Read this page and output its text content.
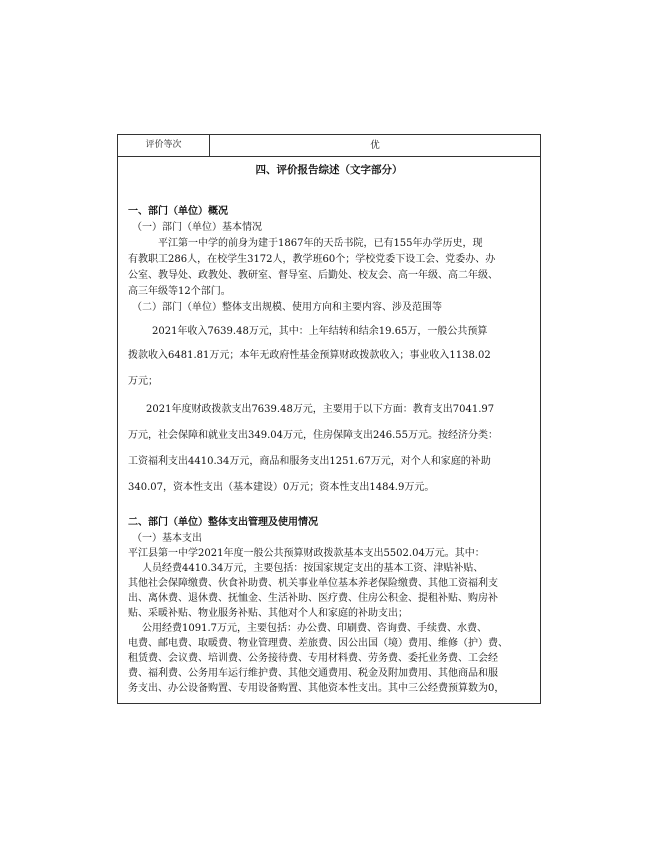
评价等次	优
四、评价报告综述（文字部分）
一、部门（单位）概况
（一）部门（单位）基本情况
平江第一中学的前身为建于1867年的天岳书院，已有155年办学历史，现
有教职工286人，在校学生3172人，教学班60个；学校党委下设工会、党委办、办
公室、教导处、政教处、教研室、督导室、后勤处、校友会、高一年级、高二年级、
高三年级等12个部门。
（二）部门（单位）整体支出规模、使用方向和主要内容、涉及范围等
2021年收入7639.48万元，其中：上年结转和结余19.65万，一般公共预算
拨款收入6481.81万元；本年无政府性基金预算财政拨款收入；事业收入1138.02
万元；
2021年度财政拨款支出7639.48万元，主要用于以下方面：教育支出7041.97
万元，社会保障和就业支出349.04万元，住房保障支出246.55万元。按经济分类：
工资福利支出4410.34万元，商品和服务支出1251.67万元，对个人和家庭的补助
340.07，资本性支出（基本建设）0万元；资本性支出1484.9万元。
二、部门（单位）整体支出管理及使用情况
（一）基本支出
平江县第一中学2021年度一般公共预算财政拨款基本支出5502.04万元。其中：
人员经费4410.34万元，主要包括：按国家规定支出的基本工资、津贴补贴、
其他社会保障缴费、伙食补助费、机关事业单位基本养老保险缴费、其他工资福利支
出、离休费、退休费、抚恤金、生活补助、医疗费、住房公积金、提租补贴、购房补
贴、采暖补贴、物业服务补贴、其他对个人和家庭的补助支出；
公用经费1091.7万元，主要包括：办公费、印刷费、咨询费、手续费、水费、
电费、邮电费、取暖费、物业管理费、差旅费、因公出国（境）费用、维修（护）费、
租赁费、会议费、培训费、公务接待费、专用材料费、劳务费、委托业务费、工会经
费、福利费、公务用车运行维护费、其他交通费用、税金及附加费用、其他商品和服
务支出、办公设备购置、专用设备购置、其他资本性支出。其中三公经费预算数为0，
